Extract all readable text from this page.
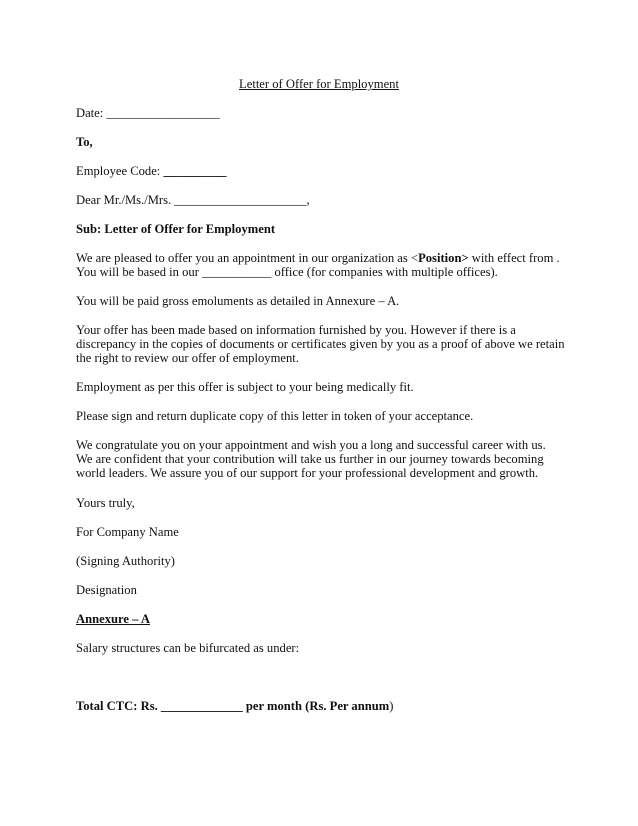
Letter of Offer for Employment

Date: __________________

To,

Employee Code: __________

Dear Mr./Ms./Mrs. _____________________,

Sub: Letter of Offer for Employment

We are pleased to offer you an appointment in our organization as <Position> with effect from .

You will be based in our ___________ office (for companies with multiple offices).

You will be paid gross emoluments as detailed in Annexure – A.

Your offer has been made based on information furnished by you. However if there is a

discrepancy in the copies of documents or certificates given by you as a proof of above we retain

the right to review our offer of employment.

Employment as per this offer is subject to your being medically fit.

Please sign and return duplicate copy of this letter in token of your acceptance.

We congratulate you on your appointment and wish you a long and successful career with us.

We are confident that your contribution will take us further in our journey towards becoming

world leaders. We assure you of our support for your professional development and growth.

Yours truly,

For Company Name

(Signing Authority)

Designation

Annexure – A

Salary structures can be bifurcated as under:

Total CTC: Rs. _____________ per month (Rs. Per annum)
